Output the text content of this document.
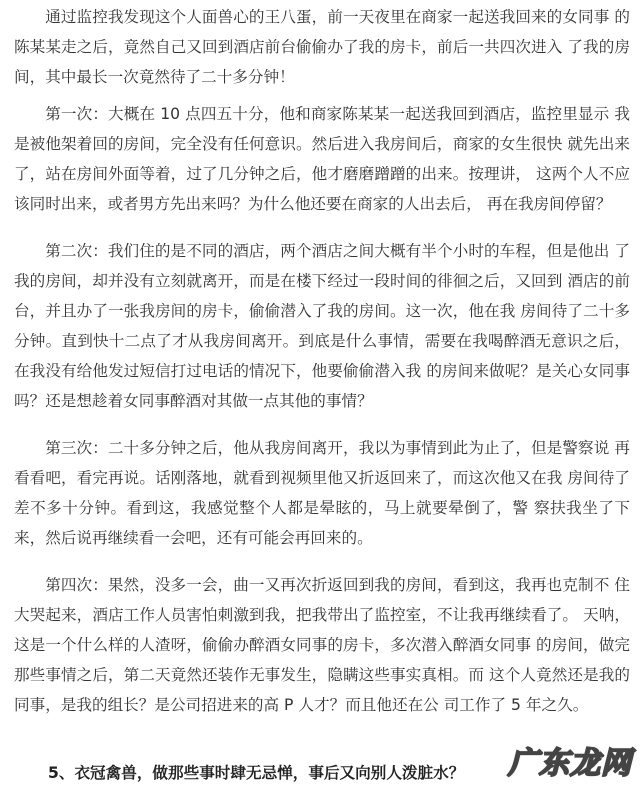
通过监控我发现这个人面兽心的王八蛋，前一天夜里在商家一起送我回来的女同事 的陈某某走之后，竟然自己又回到酒店前台偷偷办了我的房卡，前后一共四次进入 了我的房间，其中最长一次竟然待了二十多分钟！

第一次：大概在 10 点四五十分，他和商家陈某某一起送我回到酒店，监控里显示 我是被他架着回的房间，完全没有任何意识。然后进入我房间后，商家的女生很快 就先出来了，站在房间外面等着，过了几分钟之后，他才磨磨蹭蹭的出来。按理讲， 这两个人不应该同时出来，或者男方先出来吗？为什么他还要在商家的人出去后， 再在我房间停留？

第二次：我们住的是不同的酒店，两个酒店之间大概有半个小时的车程，但是他出 了我的房间，却并没有立刻就离开，而是在楼下经过一段时间的徘徊之后，又回到 酒店的前台，并且办了一张我房间的房卡，偷偷潜入了我的房间。这一次，他在我 房间待了二十多分钟。直到快十二点了才从我房间离开。到底是什么事情，需要在我喝醉酒无意识之后，在我没有给他发过短信打过电话的情况下，他要偷偷潜入我 的房间来做呢？是关心女同事吗？还是想趁着女同事醉酒对其做一点其他的事情？

第三次：二十多分钟之后，他从我房间离开，我以为事情到此为止了，但是警察说 再看看吧，看完再说。话刚落地，就看到视频里他又折返回来了，而这次他又在我 房间待了差不多十分钟。看到这，我感觉整个人都是晕眩的，马上就要晕倒了，警 察扶我坐了下来，然后说再继续看一会吧，还有可能会再回来的。

第四次：果然，没多一会，曲一又再次折返回到我的房间，看到这，我再也克制不 住大哭起来，酒店工作人员害怕刺激到我，把我带出了监控室，不让我再继续看了。 天呐，这是一个什么样的人渣呀，偷偷办醉酒女同事的房卡，多次潜入醉酒女同事 的房间，做完那些事情之后，第二天竟然还装作无事发生，隐瞒这些事实真相。而 这个人竟然还是我的同事，是我的组长？是公司招进来的高 P 人才？而且他还在公 司工作了 5 年之久。

5、衣冠禽兽，做那些事时肆无忌惮，事后又向别人泼脏水？ 广东龙网
